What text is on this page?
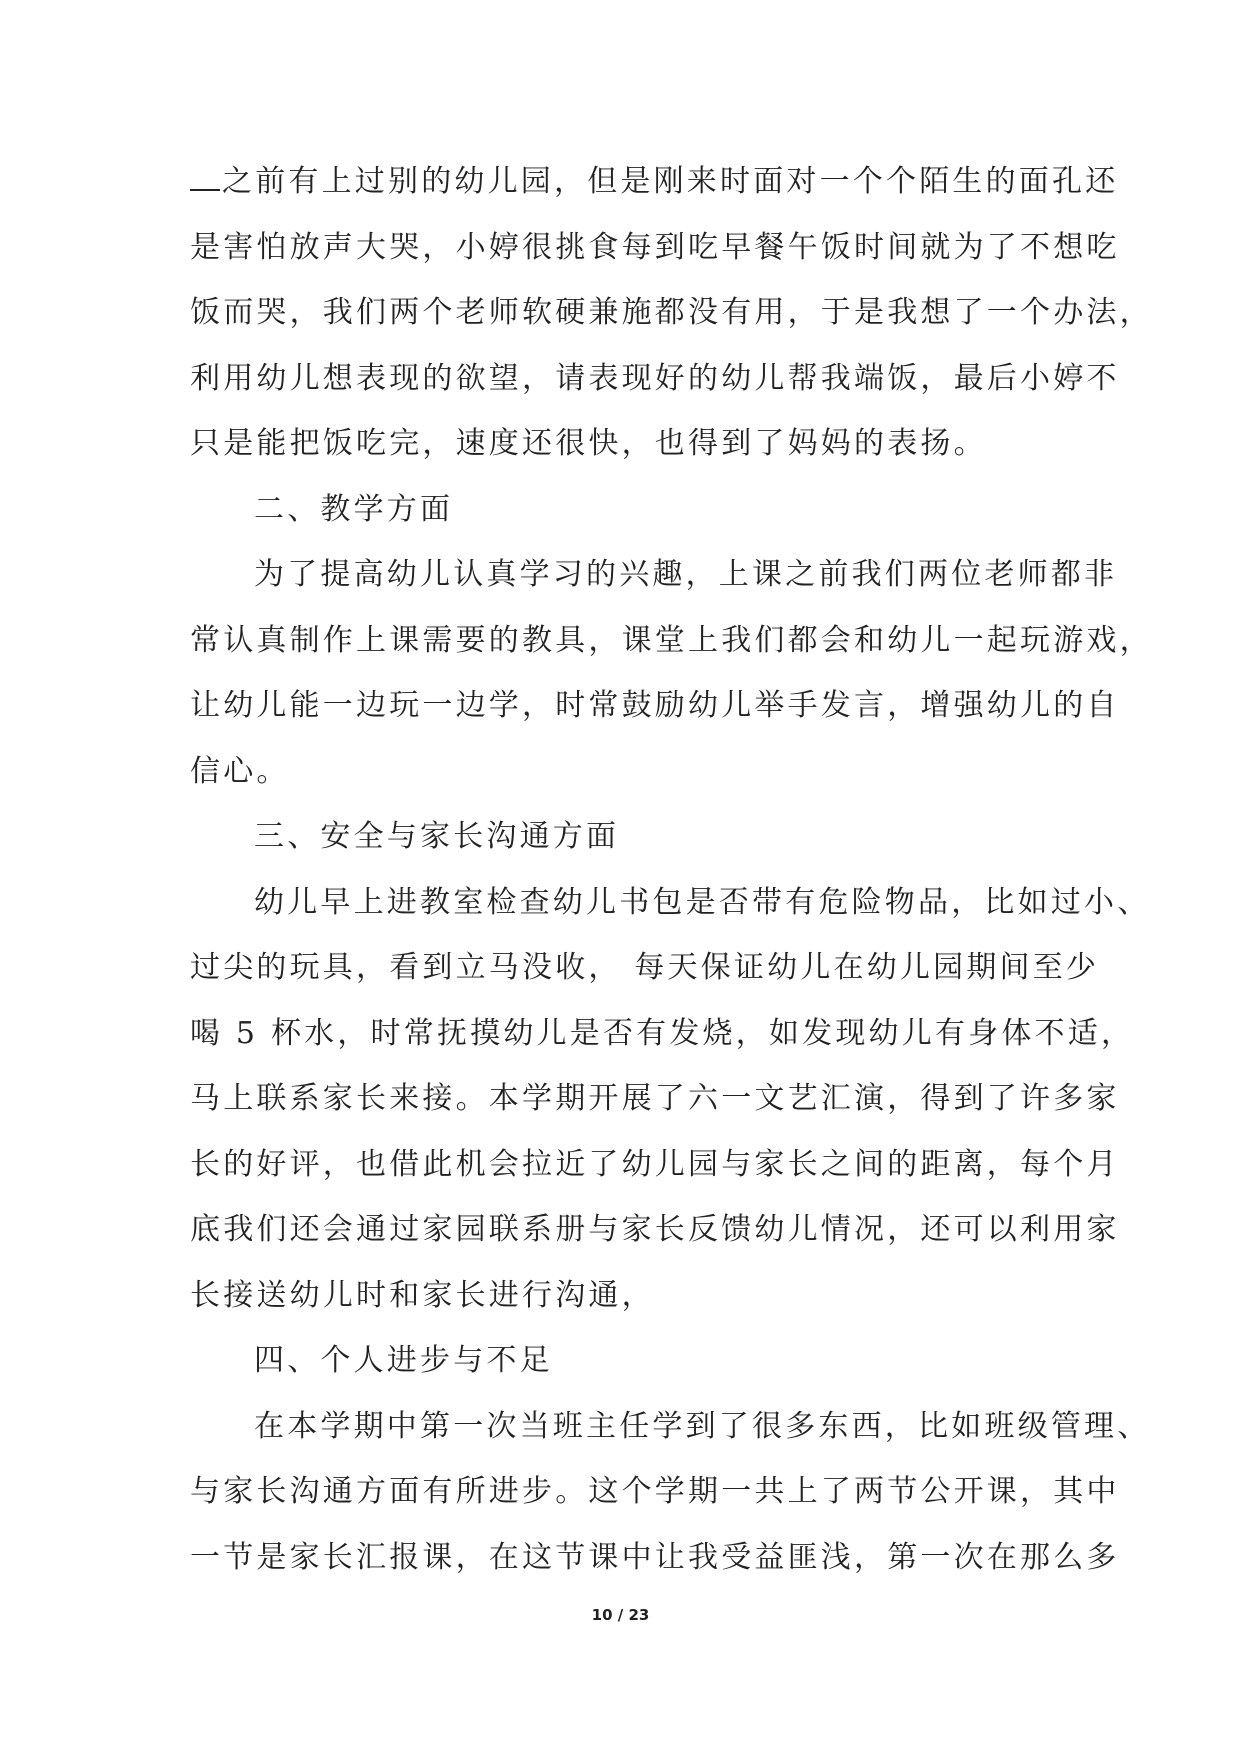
之前有上过别的幼儿园，但是刚来时面对一个个陌生的面孔还
是害怕放声大哭，小婷很挑食每到吃早餐午饭时间就为了不想吃
饭而哭，我们两个老师软硬兼施都没有用，于是我想了一个办法，
利用幼儿想表现的欲望，请表现好的幼儿帮我端饭，最后小婷不
只是能把饭吃完，速度还很快，也得到了妈妈的表扬。
二、教学方面
为了提高幼儿认真学习的兴趣，上课之前我们两位老师都非
常认真制作上课需要的教具，课堂上我们都会和幼儿一起玩游戏，
让幼儿能一边玩一边学，时常鼓励幼儿举手发言，增强幼儿的自
信心。
三、安全与家长沟通方面
幼儿早上进教室检查幼儿书包是否带有危险物品，比如过小、
过尖的玩具，看到立马没收， 每天保证幼儿在幼儿园期间至少
喝 5 杯水，时常抚摸幼儿是否有发烧，如发现幼儿有身体不适，
马上联系家长来接。本学期开展了六一文艺汇演，得到了许多家
长的好评，也借此机会拉近了幼儿园与家长之间的距离，每个月
底我们还会通过家园联系册与家长反馈幼儿情况，还可以利用家
长接送幼儿时和家长进行沟通，
四、个人进步与不足
在本学期中第一次当班主任学到了很多东西，比如班级管理、
与家长沟通方面有所进步。这个学期一共上了两节公开课，其中
一节是家长汇报课，在这节课中让我受益匪浅，第一次在那么多
10 / 23
